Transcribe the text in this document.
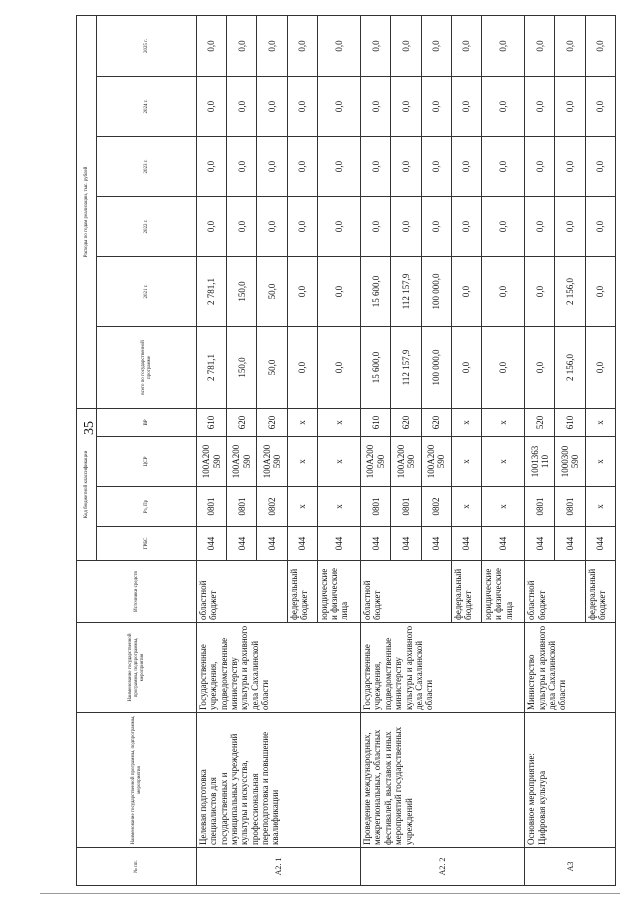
35
№ пп.	Наименование государственной программы, подпрограммы, мероприятия	Наименование государственной программы, подпрограммы, мероприятия	Источники средств	Код бюджетной классификации				Расходы по годам реализации, тыс. рублей					
				ГРБС	Рз, Пр	ЦСР	ВР	всего по государственной программе	2021 г.	2022 г.	2023 г.	2024 г.	2025 г.
A2. 1	Целевая подготовка специалистов для государственных и муниципальных учреждений культуры и искусства, профессиональная переподготовка и повышение квалификации	Государственные учреждения, подведомственные министерству культуры и архивного дела Сахалинской области	областной бюджет	044	0801	100А200 590	610	2 781,1	2 781,1	0,0	0,0	0,0	0,0
				044	0801	100А200 590	620	150,0	150,0	0,0	0,0	0,0	0,0
				044	0802	100А200 590	620	50,0	50,0	0,0	0,0	0,0	0,0
			федеральный бюджет	044	x	x	x	0,0	0,0	0,0	0,0	0,0	0,0
			юридические и физические лица	044	x	x	x	0,0	0,0	0,0	0,0	0,0	0,0
A2. 2	Проведение международных, межрегиональных, областных фестивалей, выставок и иных мероприятий государственных учреждений	Государственные учреждения, подведомственные министерству культуры и архивного дела Сахалинской области	областной бюджет	044	0801	100А200 590	610	15 600,0	15 600,0	0,0	0,0	0,0	0,0
				044	0801	100А200 590	620	112 157,9	112 157,9	0,0	0,0	0,0	0,0
				044	0802	100А200 590	620	100 000,0	100 000,0	0,0	0,0	0,0	0,0
			федеральный бюджет	044	x	x	x	0,0	0,0	0,0	0,0	0,0	0,0
			юридические и физические лица	044	x	x	x	0,0	0,0	0,0	0,0	0,0	0,0
А3	Основное мероприятие: Цифровая культура	Министерство культуры и архивного дела Сахалинской области	областной бюджет	044	0801	1001363 110	520	0,0	0,0	0,0	0,0	0,0	0,0
				044	0801	1000300 590	610	2 156,0	2 156,0	0,0	0,0	0,0	0,0
			федеральный бюджет	044	x	x	x	0,0	0,0	0,0	0,0	0,0	0,0
